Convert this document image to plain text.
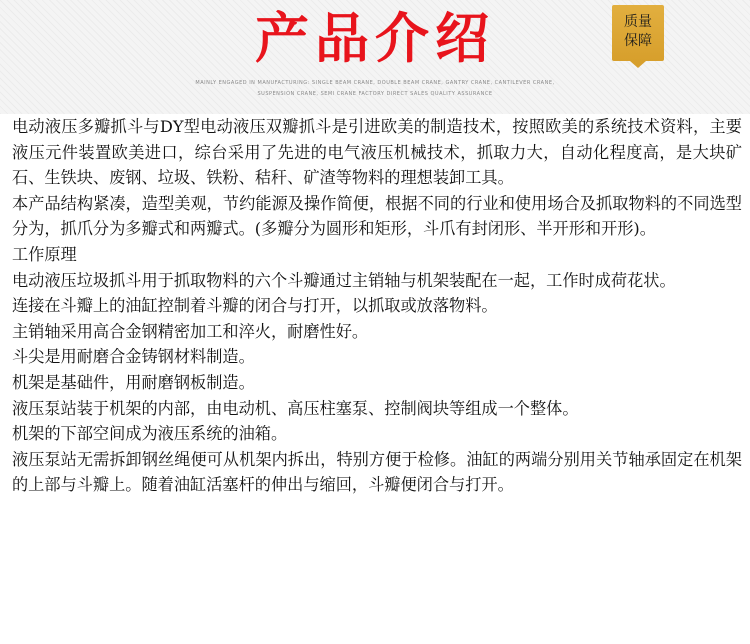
产品介绍
MAINLY ENGAGED IN MANUFACTURING: SINGLE BEAM CRANE, DOUBLE BEAM CRANE, GANTRY CRANE, CANTILEVER CRANE, SUSPENSION CRANE, SEMI CRANE FACTORY DIRECT SALES QUALITY ASSURANCE
质量
保障

电动液压多瓣抓斗与DY型电动液压双瓣抓斗是引进欧美的制造技术，按照欧美的系统技术资料，主要液压元件装置欧美进口，综台采用了先进的电气液压机械技术，抓取力大，自动化程度高，是大块矿石、生铁块、废钢、垃圾、铁粉、秸秆、矿渣等物料的理想装卸工具。

本产品结构紧凑，造型美观，节约能源及操作简便，根据不同的行业和使用场合及抓取物料的不同选型分为，抓爪分为多瓣式和两瓣式。(多瓣分为圆形和矩形，斗爪有封闭形、半开形和开形)。

工作原理

电动液压垃圾抓斗用于抓取物料的六个斗瓣通过主销轴与机架装配在一起，工作时成荷花状。

连接在斗瓣上的油缸控制着斗瓣的闭合与打开，以抓取或放落物料。

主销轴采用高合金钢精密加工和淬火，耐磨性好。

斗尖是用耐磨合金铸钢材料制造。

机架是基础件，用耐磨钢板制造。

液压泵站装于机架的内部，由电动机、高压柱塞泵、控制阀块等组成一个整体。

机架的下部空间成为液压系统的油箱。

液压泵站无需拆卸钢丝绳便可从机架内拆出，特别方便于检修。油缸的两端分别用关节轴承固定在机架的上部与斗瓣上。随着油缸活塞杆的伸出与缩回，斗瓣便闭合与打开。
